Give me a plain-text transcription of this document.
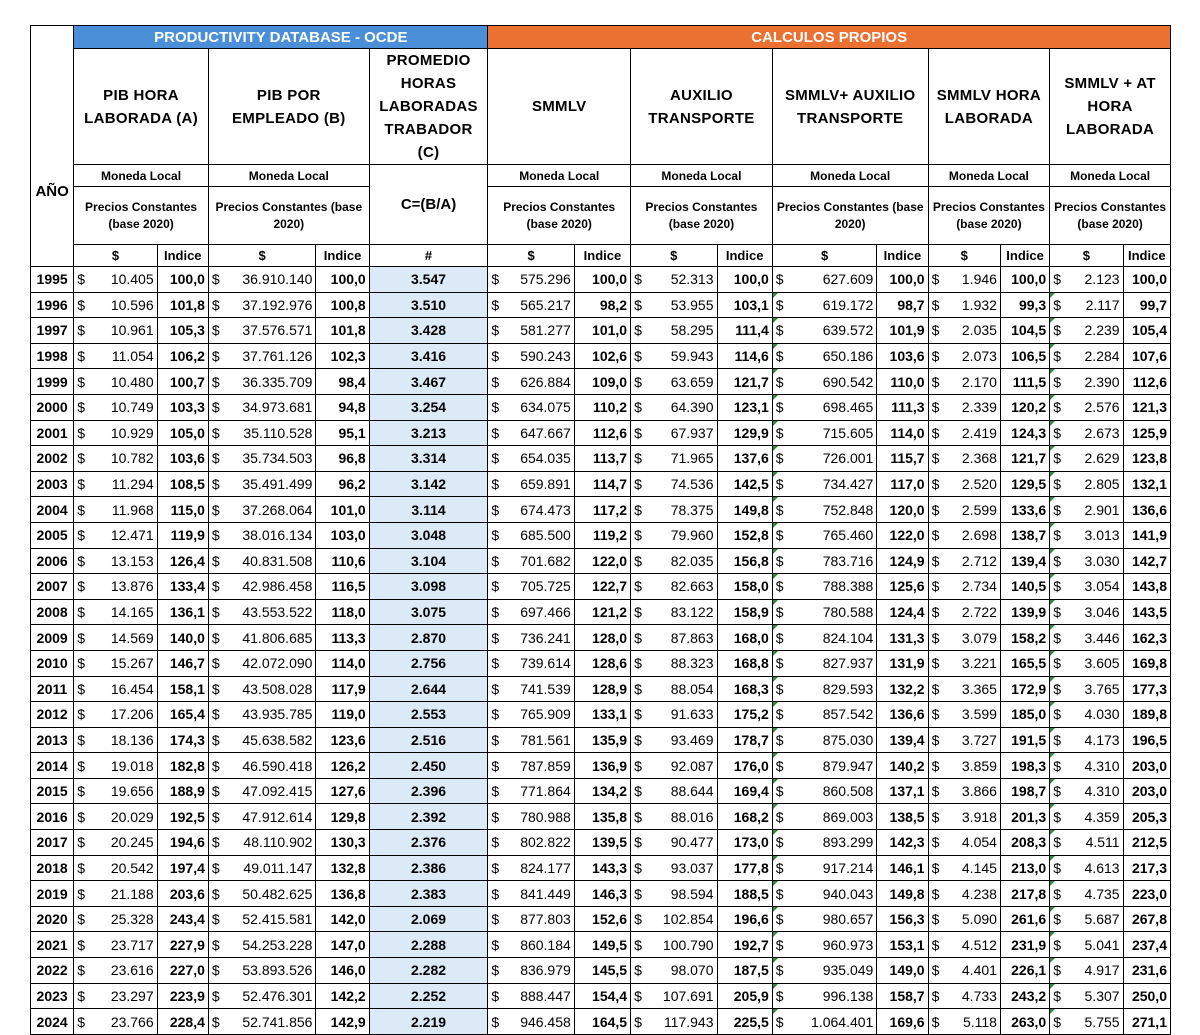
AÑO	PRODUCTIVITY DATABASE - OCDE					CALCULOS PROPIOS									
	PIB HORA LABORADA (A)		PIB POR EMPLEADO (B)		PROMEDIO HORAS LABORADAS TRABADOR (C)	SMMLV		AUXILIO TRANSPORTE		SMMLV+ AUXILIO TRANSPORTE		SMMLV HORA LABORADA		SMMLV + AT HORA LABORADA	
	Moneda Local		Moneda Local		C=(B/A)	Moneda Local		Moneda Local		Moneda Local		Moneda Local		Moneda Local	
	Precios Constantes (base 2020)		Precios Constantes (base 2020)			Precios Constantes (base 2020)		Precios Constantes (base 2020)		Precios Constantes (base 2020)		Precios Constantes (base 2020)		Precios Constantes (base 2020)	
	$	Indice	$	Indice	#	$	Indice	$	Indice	$	Indice	$	Indice	$	Indice
1995	$ 10.405	100,0	$ 36.910.140	100,0	3.547	$ 575.296	100,0	$ 52.313	100,0	$ 627.609	100,0	$ 1.946	100,0	$ 2.123	100,0
1996	$ 10.596	101,8	$ 37.192.976	100,8	3.510	$ 565.217	98,2	$ 53.955	103,1	$ 619.172	98,7	$ 1.932	99,3	$ 2.117	99,7
1997	$ 10.961	105,3	$ 37.576.571	101,8	3.428	$ 581.277	101,0	$ 58.295	111,4	$ 639.572	101,9	$ 2.035	104,5	$ 2.239	105,4
1998	$ 11.054	106,2	$ 37.761.126	102,3	3.416	$ 590.243	102,6	$ 59.943	114,6	$ 650.186	103,6	$ 2.073	106,5	$ 2.284	107,6
1999	$ 10.480	100,7	$ 36.335.709	98,4	3.467	$ 626.884	109,0	$ 63.659	121,7	$ 690.542	110,0	$ 2.170	111,5	$ 2.390	112,6
2000	$ 10.749	103,3	$ 34.973.681	94,8	3.254	$ 634.075	110,2	$ 64.390	123,1	$ 698.465	111,3	$ 2.339	120,2	$ 2.576	121,3
2001	$ 10.929	105,0	$ 35.110.528	95,1	3.213	$ 647.667	112,6	$ 67.937	129,9	$ 715.605	114,0	$ 2.419	124,3	$ 2.673	125,9
2002	$ 10.782	103,6	$ 35.734.503	96,8	3.314	$ 654.035	113,7	$ 71.965	137,6	$ 726.001	115,7	$ 2.368	121,7	$ 2.629	123,8
2003	$ 11.294	108,5	$ 35.491.499	96,2	3.142	$ 659.891	114,7	$ 74.536	142,5	$ 734.427	117,0	$ 2.520	129,5	$ 2.805	132,1
2004	$ 11.968	115,0	$ 37.268.064	101,0	3.114	$ 674.473	117,2	$ 78.375	149,8	$ 752.848	120,0	$ 2.599	133,6	$ 2.901	136,6
2005	$ 12.471	119,9	$ 38.016.134	103,0	3.048	$ 685.500	119,2	$ 79.960	152,8	$ 765.460	122,0	$ 2.698	138,7	$ 3.013	141,9
2006	$ 13.153	126,4	$ 40.831.508	110,6	3.104	$ 701.682	122,0	$ 82.035	156,8	$ 783.716	124,9	$ 2.712	139,4	$ 3.030	142,7
2007	$ 13.876	133,4	$ 42.986.458	116,5	3.098	$ 705.725	122,7	$ 82.663	158,0	$ 788.388	125,6	$ 2.734	140,5	$ 3.054	143,8
2008	$ 14.165	136,1	$ 43.553.522	118,0	3.075	$ 697.466	121,2	$ 83.122	158,9	$ 780.588	124,4	$ 2.722	139,9	$ 3.046	143,5
2009	$ 14.569	140,0	$ 41.806.685	113,3	2.870	$ 736.241	128,0	$ 87.863	168,0	$ 824.104	131,3	$ 3.079	158,2	$ 3.446	162,3
2010	$ 15.267	146,7	$ 42.072.090	114,0	2.756	$ 739.614	128,6	$ 88.323	168,8	$ 827.937	131,9	$ 3.221	165,5	$ 3.605	169,8
2011	$ 16.454	158,1	$ 43.508.028	117,9	2.644	$ 741.539	128,9	$ 88.054	168,3	$ 829.593	132,2	$ 3.365	172,9	$ 3.765	177,3
2012	$ 17.206	165,4	$ 43.935.785	119,0	2.553	$ 765.909	133,1	$ 91.633	175,2	$ 857.542	136,6	$ 3.599	185,0	$ 4.030	189,8
2013	$ 18.136	174,3	$ 45.638.582	123,6	2.516	$ 781.561	135,9	$ 93.469	178,7	$ 875.030	139,4	$ 3.727	191,5	$ 4.173	196,5
2014	$ 19.018	182,8	$ 46.590.418	126,2	2.450	$ 787.859	136,9	$ 92.087	176,0	$ 879.947	140,2	$ 3.859	198,3	$ 4.310	203,0
2015	$ 19.656	188,9	$ 47.092.415	127,6	2.396	$ 771.864	134,2	$ 88.644	169,4	$ 860.508	137,1	$ 3.866	198,7	$ 4.310	203,0
2016	$ 20.029	192,5	$ 47.912.614	129,8	2.392	$ 780.988	135,8	$ 88.016	168,2	$ 869.003	138,5	$ 3.918	201,3	$ 4.359	205,3
2017	$ 20.245	194,6	$ 48.110.902	130,3	2.376	$ 802.822	139,5	$ 90.477	173,0	$ 893.299	142,3	$ 4.054	208,3	$ 4.511	212,5
2018	$ 20.542	197,4	$ 49.011.147	132,8	2.386	$ 824.177	143,3	$ 93.037	177,8	$ 917.214	146,1	$ 4.145	213,0	$ 4.613	217,3
2019	$ 21.188	203,6	$ 50.482.625	136,8	2.383	$ 841.449	146,3	$ 98.594	188,5	$ 940.043	149,8	$ 4.238	217,8	$ 4.735	223,0
2020	$ 25.328	243,4	$ 52.415.581	142,0	2.069	$ 877.803	152,6	$ 102.854	196,6	$ 980.657	156,3	$ 5.090	261,6	$ 5.687	267,8
2021	$ 23.717	227,9	$ 54.253.228	147,0	2.288	$ 860.184	149,5	$ 100.790	192,7	$ 960.973	153,1	$ 4.512	231,9	$ 5.041	237,4
2022	$ 23.616	227,0	$ 53.893.526	146,0	2.282	$ 836.979	145,5	$ 98.070	187,5	$ 935.049	149,0	$ 4.401	226,1	$ 4.917	231,6
2023	$ 23.297	223,9	$ 52.476.301	142,2	2.252	$ 888.447	154,4	$ 107.691	205,9	$ 996.138	158,7	$ 4.733	243,2	$ 5.307	250,0
2024	$ 23.766	228,4	$ 52.741.856	142,9	2.219	$ 946.458	164,5	$ 117.943	225,5	$ 1.064.401	169,6	$ 5.118	263,0	$ 5.755	271,1
